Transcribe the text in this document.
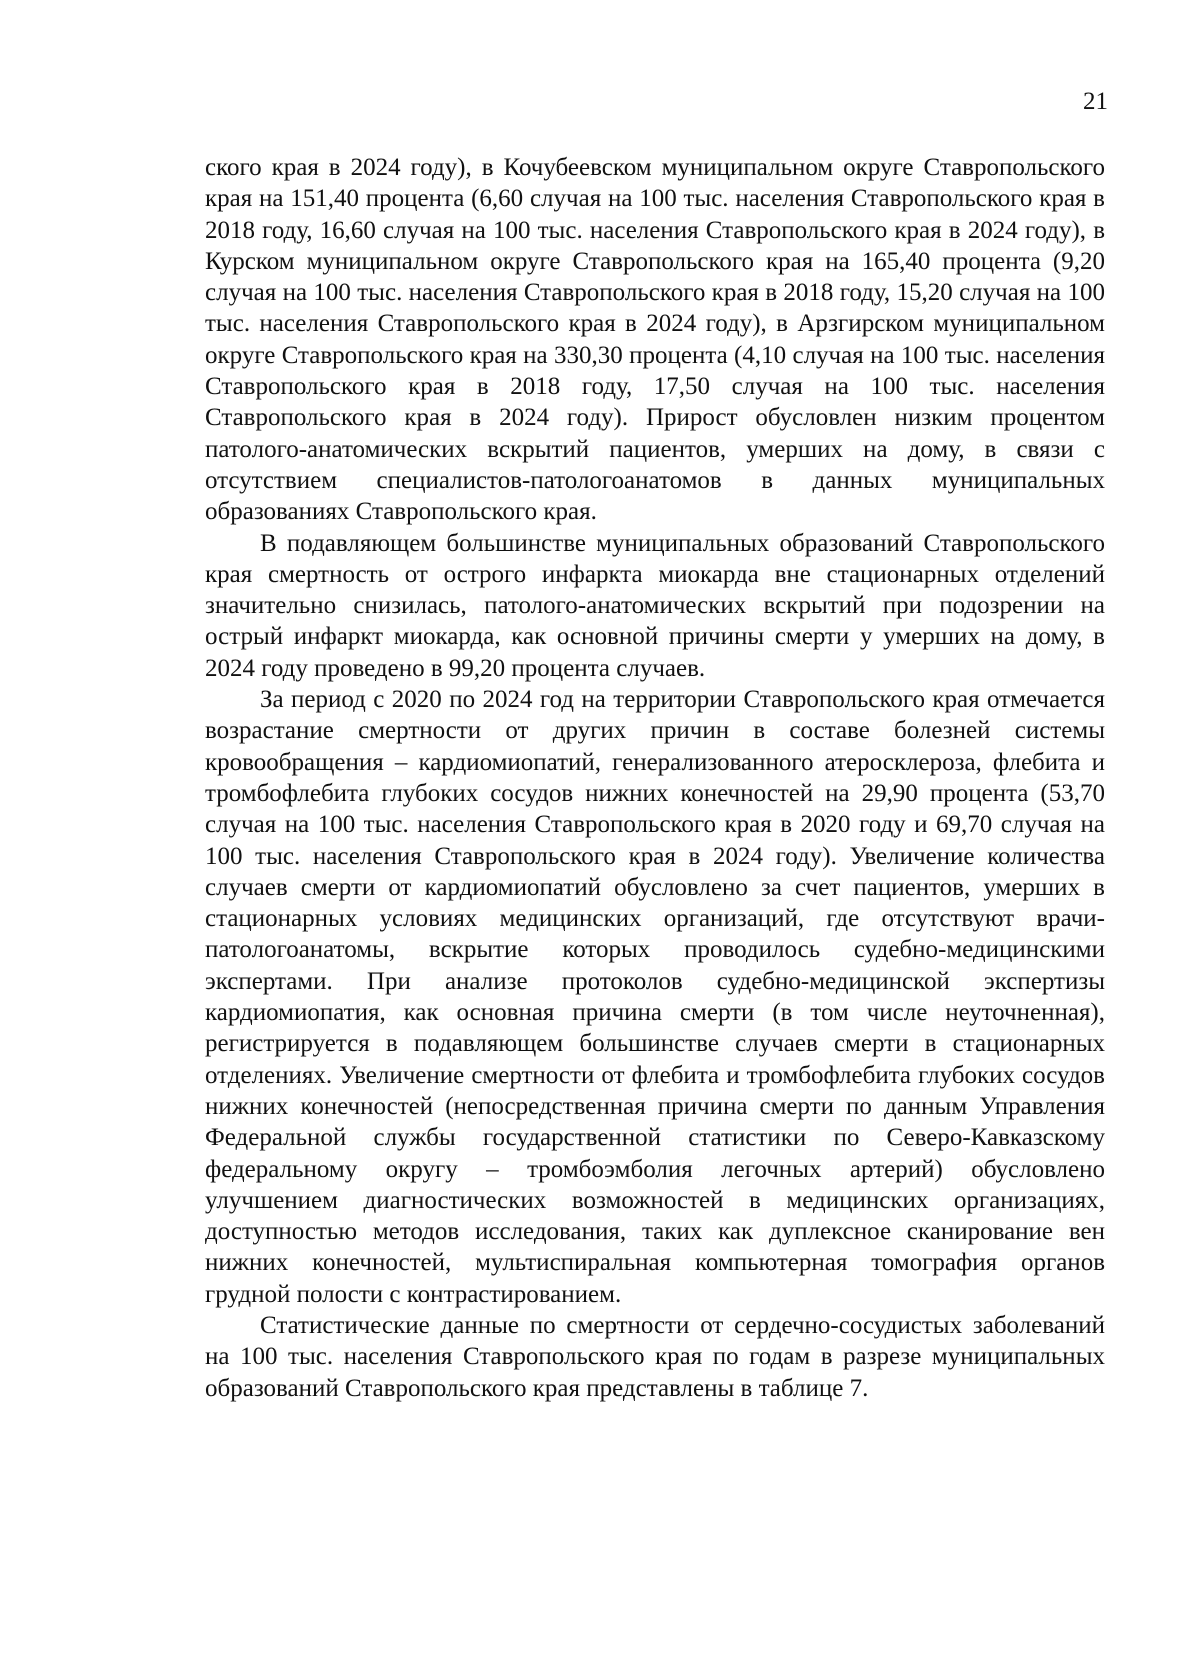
21

ского края в 2024 году), в Кочубеевском муниципальном округе Ставропольского края на 151,40 процента (6,60 случая на 100 тыс. населения Ставропольского края в 2018 году, 16,60 случая на 100 тыс. населения Ставропольского края в 2024 году), в Курском муниципальном округе Ставропольского края на 165,40 процента (9,20 случая на 100 тыс. населения Ставропольского края в 2018 году, 15,20 случая на 100 тыс. населения Ставропольского края в 2024 году), в Арзгирском муниципальном округе Ставропольского края на 330,30 процента (4,10 случая на 100 тыс. населения Ставропольского края в 2018 году, 17,50 случая на 100 тыс. населения Ставропольского края в 2024 году). Прирост обусловлен низким процентом патолого-анатомических вскрытий пациентов, умерших на дому, в связи с отсутствием специалистов-патологоанатомов в данных муниципальных образованиях Ставропольского края.

В подавляющем большинстве муниципальных образований Ставропольского края смертность от острого инфаркта миокарда вне стационарных отделений значительно снизилась, патолого-анатомических вскрытий при подозрении на острый инфаркт миокарда, как основной причины смерти у умерших на дому, в 2024 году проведено в 99,20 процента случаев.

За период с 2020 по 2024 год на территории Ставропольского края отмечается возрастание смертности от других причин в составе болезней системы кровообращения – кардиомиопатий, генерализованного атеросклероза, флебита и тромбофлебита глубоких сосудов нижних конечностей на 29,90 процента (53,70 случая на 100 тыс. населения Ставропольского края в 2020 году и 69,70 случая на 100 тыс. населения Ставропольского края в 2024 году). Увеличение количества случаев смерти от кардиомиопатий обусловлено за счет пациентов, умерших в стационарных условиях медицинских организаций, где отсутствуют врачи-патологоанатомы, вскрытие которых проводилось судебно-медицинскими экспертами. При анализе протоколов судебно-медицинской экспертизы кардиомиопатия, как основная причина смерти (в том числе неуточненная), регистрируется в подавляющем большинстве случаев смерти в стационарных отделениях. Увеличение смертности от флебита и тромбофлебита глубоких сосудов нижних конечностей (непосредственная причина смерти по данным Управления Федеральной службы государственной статистики по Северо-Кавказскому федеральному округу – тромбоэмболия легочных артерий) обусловлено улучшением диагностических возможностей в медицинских организациях, доступностью методов исследования, таких как дуплексное сканирование вен нижних конечностей, мультиспиральная компьютерная томография органов грудной полости с контрастированием.

Статистические данные по смертности от сердечно-сосудистых заболеваний на 100 тыс. населения Ставропольского края по годам в разрезе муниципальных образований Ставропольского края представлены в таблице 7.
